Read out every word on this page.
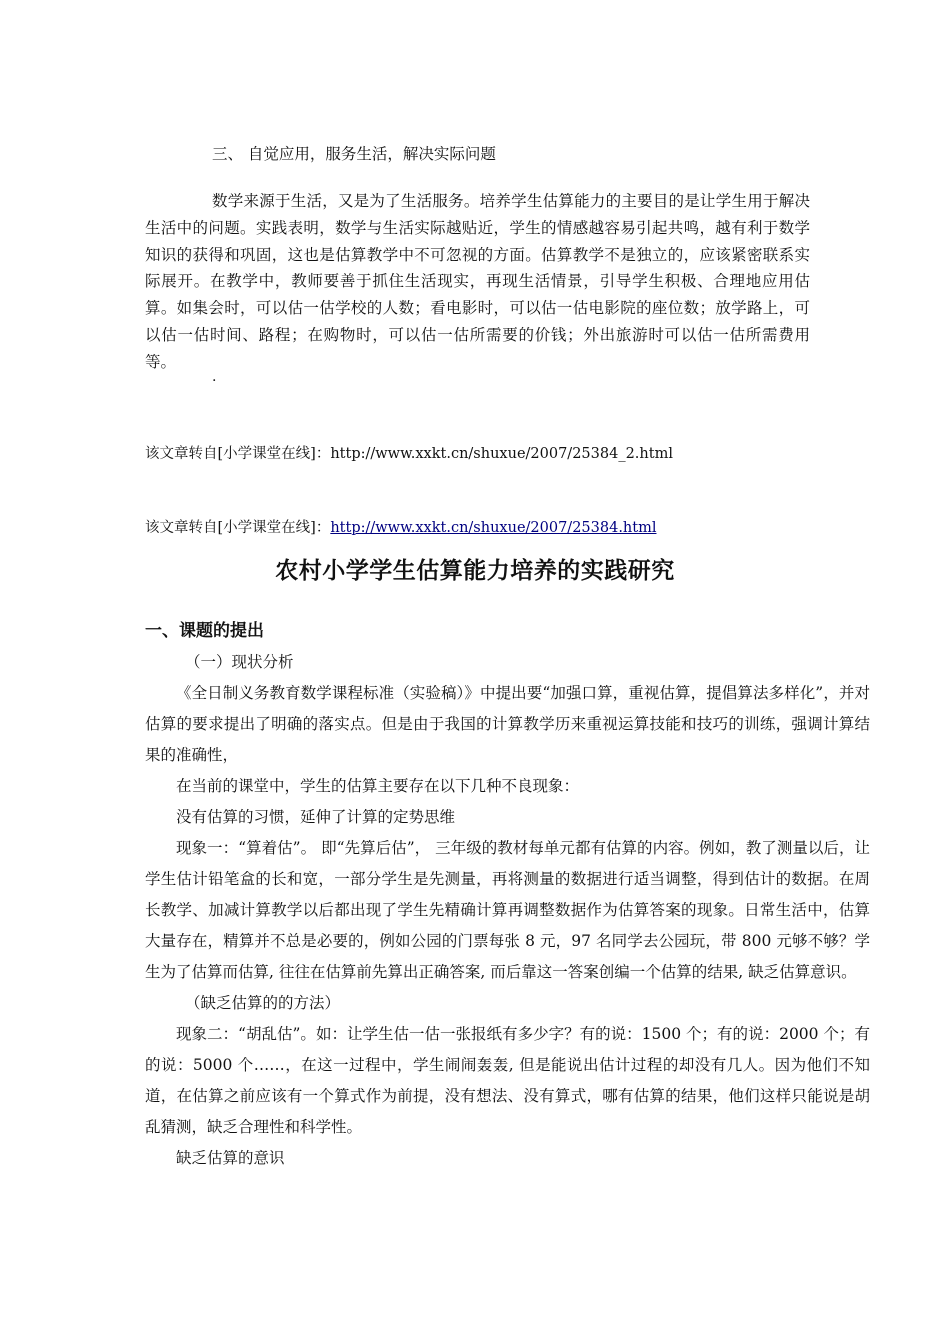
三、 自觉应用，服务生活，解决实际问题
数学来源于生活，又是为了生活服务。培养学生估算能力的主要目的是让学生用于解决生活中的问题。实践表明，数学与生活实际越贴近，学生的情感越容易引起共鸣，越有利于数学知识的获得和巩固，这也是估算教学中不可忽视的方面。估算教学不是独立的，应该紧密联系实际展开。在教学中，教师要善于抓住生活现实，再现生活情景，引导学生积极、合理地应用估算。如集会时，可以估一估学校的人数；看电影时，可以估一估电影院的座位数；放学路上，可以估一估时间、路程；在购物时，可以估一估所需要的价钱；外出旅游时可以估一估所需费用等。
.
该文章转自[小学课堂在线]：http://www.xxkt.cn/shuxue/2007/25384_2.html
该文章转自[小学课堂在线]：http://www.xxkt.cn/shuxue/2007/25384.html
农村小学学生估算能力培养的实践研究
一、课题的提出

（一）现状分析

《全日制义务教育数学课程标准（实验稿）》中提出要“加强口算，重视估算，提倡算法多样化”，并对估算的要求提出了明确的落实点。但是由于我国的计算教学历来重视运算技能和技巧的训练，强调计算结果的准确性，

在当前的课堂中，学生的估算主要存在以下几种不良现象：

没有估算的习惯，延伸了计算的定势思维

现象一：“算着估”。 即“先算后估”， 三年级的教材每单元都有估算的内容。例如，教了测量以后，让学生估计铅笔盒的长和宽，一部分学生是先测量，再将测量的数据进行适当调整，得到估计的数据。在周长教学、加减计算教学以后都出现了学生先精确计算再调整数据作为估算答案的现象。日常生活中，估算大量存在，精算并不总是必要的，例如公园的门票每张 8 元，97 名同学去公园玩，带 800 元够不够？学生为了估算而估算, 往往在估算前先算出正确答案, 而后靠这一答案创编一个估算的结果, 缺乏估算意识。

（缺乏估算的的方法）

现象二：“胡乱估”。如：让学生估一估一张报纸有多少字？有的说：1500 个；有的说：2000 个；有的说：5000 个……，在这一过程中，学生闹闹轰轰, 但是能说出估计过程的却没有几人。因为他们不知道，在估算之前应该有一个算式作为前提，没有想法、没有算式，哪有估算的结果，他们这样只能说是胡乱猜测，缺乏合理性和科学性。

缺乏估算的意识
